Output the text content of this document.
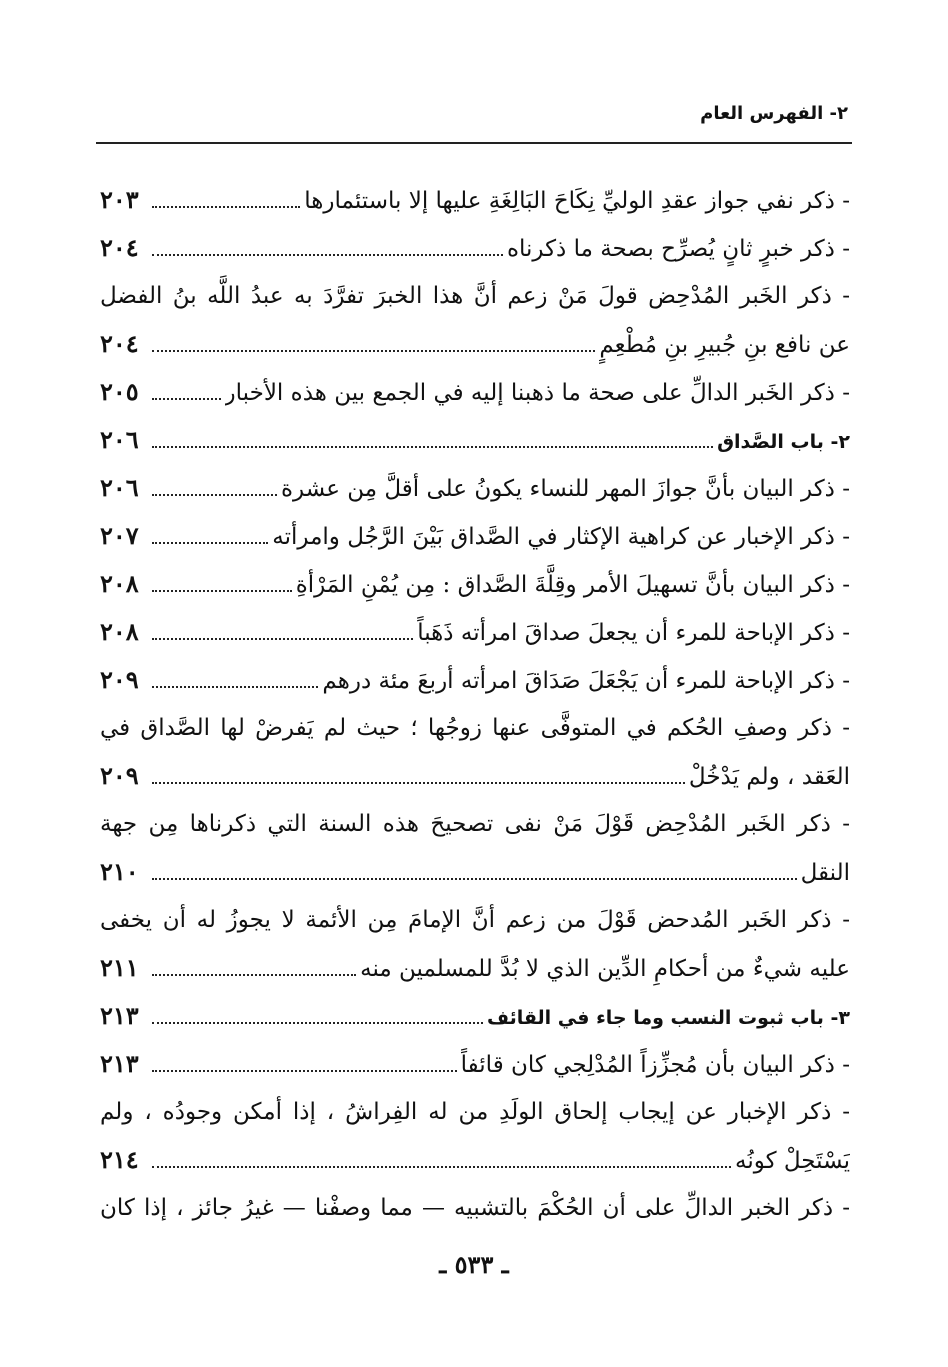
٢- الفهرس العام
- ذكر نفي جواز عقدِ الوليِّ نِكَاحَ البَالِغَةِ عليها إلا باستئمارها
٢٠٣
- ذكر خبرٍ ثانٍ يُصرِّح بصحة ما ذكرناه
٢٠٤
- ذكر الخَبر المُدْحِض قولَ مَنْ زعم أنَّ هذا الخبرَ تفرَّدَ به عبدُ اللَّه بنُ الفضل
عن نافع بنِ جُبيرِ بنِ مُطْعِمٍ
٢٠٤
- ذكر الخَبر الدالِّ على صحة ما ذهبنا إليه في الجمع بين هذه الأخبار
٢٠٥
٢- باب الصَّداق
٢٠٦
- ذكر البيان بأنَّ جوازَ المهر للنساء يكونُ على أقلَّ مِن عشرة
٢٠٦
- ذكر الإخبار عن كراهية الإكثار في الصَّداق بَيْنَ الرَّجُل وامرأته
٢٠٧
- ذكر البيان بأنَّ تسهيلَ الأمر وقِلَّةَ الصَّداق : مِن يُمْنِ المَرْأةِ
٢٠٨
- ذكر الإباحة للمرء أن يجعلَ صداقَ امرأته ذَهَباً
٢٠٨
- ذكر الإباحة للمرء أن يَجْعَلَ صَدَاقَ امرأته أربعَ مئة درهم
٢٠٩
- ذكر وصفِ الحُكم في المتوفَّى عنها زوجُها ؛ حيث لم يَفرضْ لها الصَّداق في
العَقد ، ولم يَدْخُلْ
٢٠٩
- ذكر الخَبر المُدْحِض قَوْلَ مَنْ نفى تصحيحَ هذه السنة التي ذكرناها مِن جهة
النقل
٢١٠
- ذكر الخَبر المُدحض قَوْلَ من زعم أنَّ الإمامَ مِن الأئمة لا يجوزُ له أن يخفى
عليه شيءٌ من أحكامِ الدِّين الذي لا بُدَّ للمسلمين منه
٢١١
٣- باب ثبوت النسب وما جاء في القائف
٢١٣
- ذكر البيان بأن مُجزِّزاً المُدْلِجي كان قائفاً
٢١٣
- ذكر الإخبار عن إيجاب إلحاق الولَدِ من له الفِراشُ ، إذا أمكن وجودُه ، ولم
يَسْتَحِلْ كونُه
٢١٤
- ذكر الخبر الدالِّ على أن الحُكْمَ بالتشبيه — مما وصفْنا — غيرُ جائز ، إذا كان
ـ ٥٣٣ ـ
